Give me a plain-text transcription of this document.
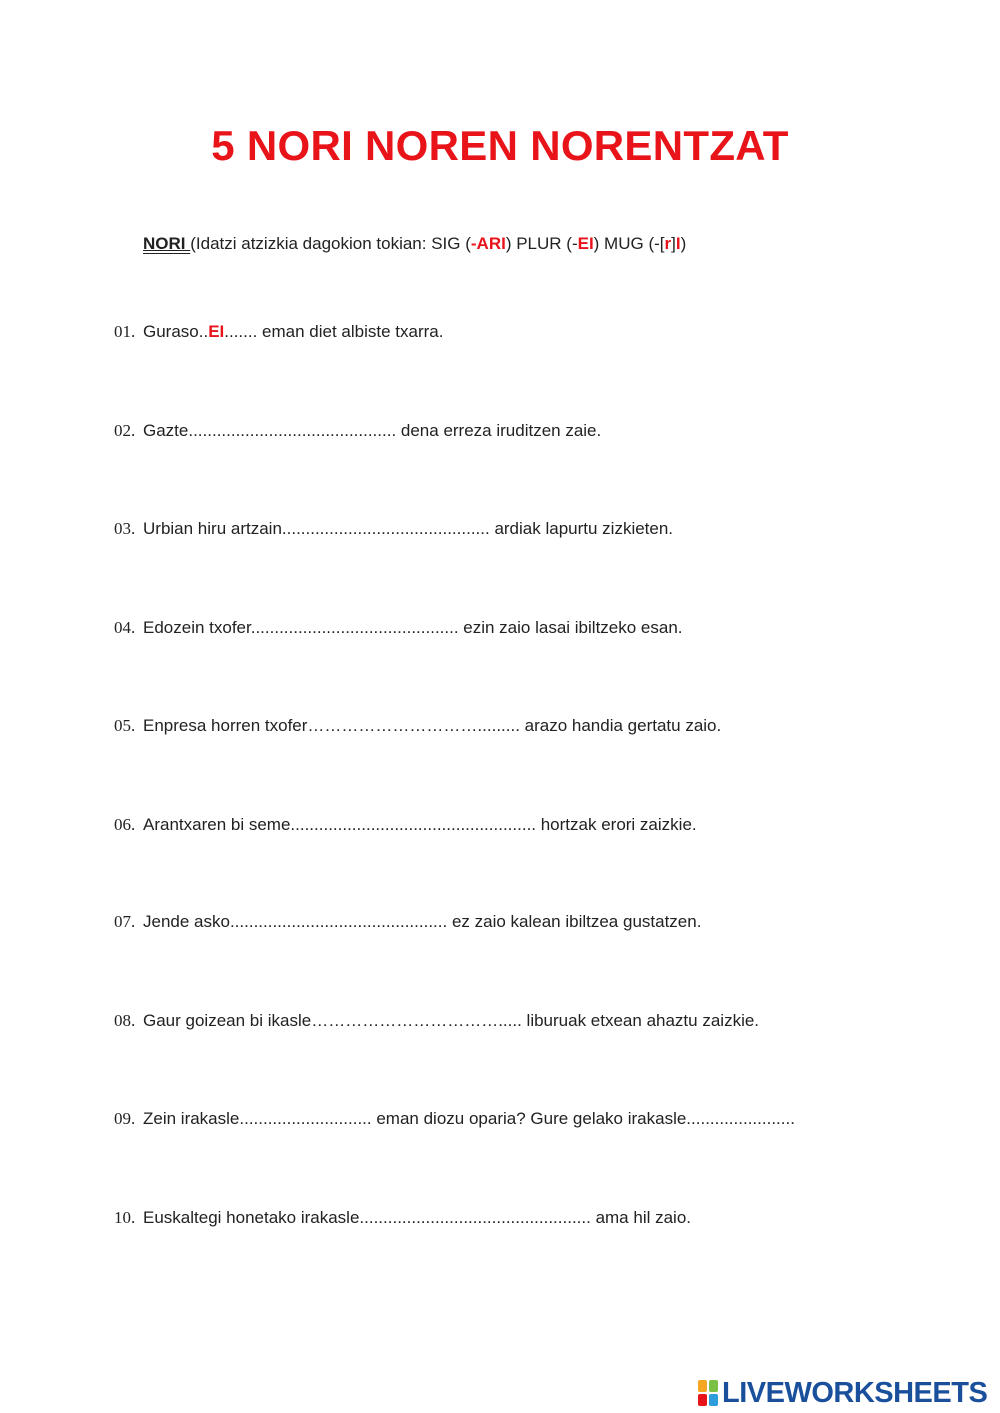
5 NORI NOREN NORENTZAT
NORI (Idatzi atzizkia dagokion tokian: SIG (-ARI) PLUR (-EI) MUG (-[r]I)
01. Guraso..EI....... eman diet albiste txarra.
02. Gazte............................................ dena erreza iruditzen zaie.
03. Urbian hiru artzain............................................ ardiak lapurtu zizkieten.
04. Edozein txofer............................................ ezin zaio lasai ibiltzeko esan.
05. Enpresa horren txofer…………………………......... arazo handia gertatu zaio.
06. Arantxaren bi seme.................................................... hortzak erori zaizkie.
07. Jende asko.............................................. ez zaio kalean ibiltzea gustatzen.
08. Gaur goizean bi ikasle……………………………..... liburuak etxean ahaztu zaizkie.
09. Zein irakasle............................ eman diozu oparia? Gure gelako irakasle.......................
10. Euskaltegi honetako irakasle................................................. ama hil zaio.
LIVEWORKSHEETS
